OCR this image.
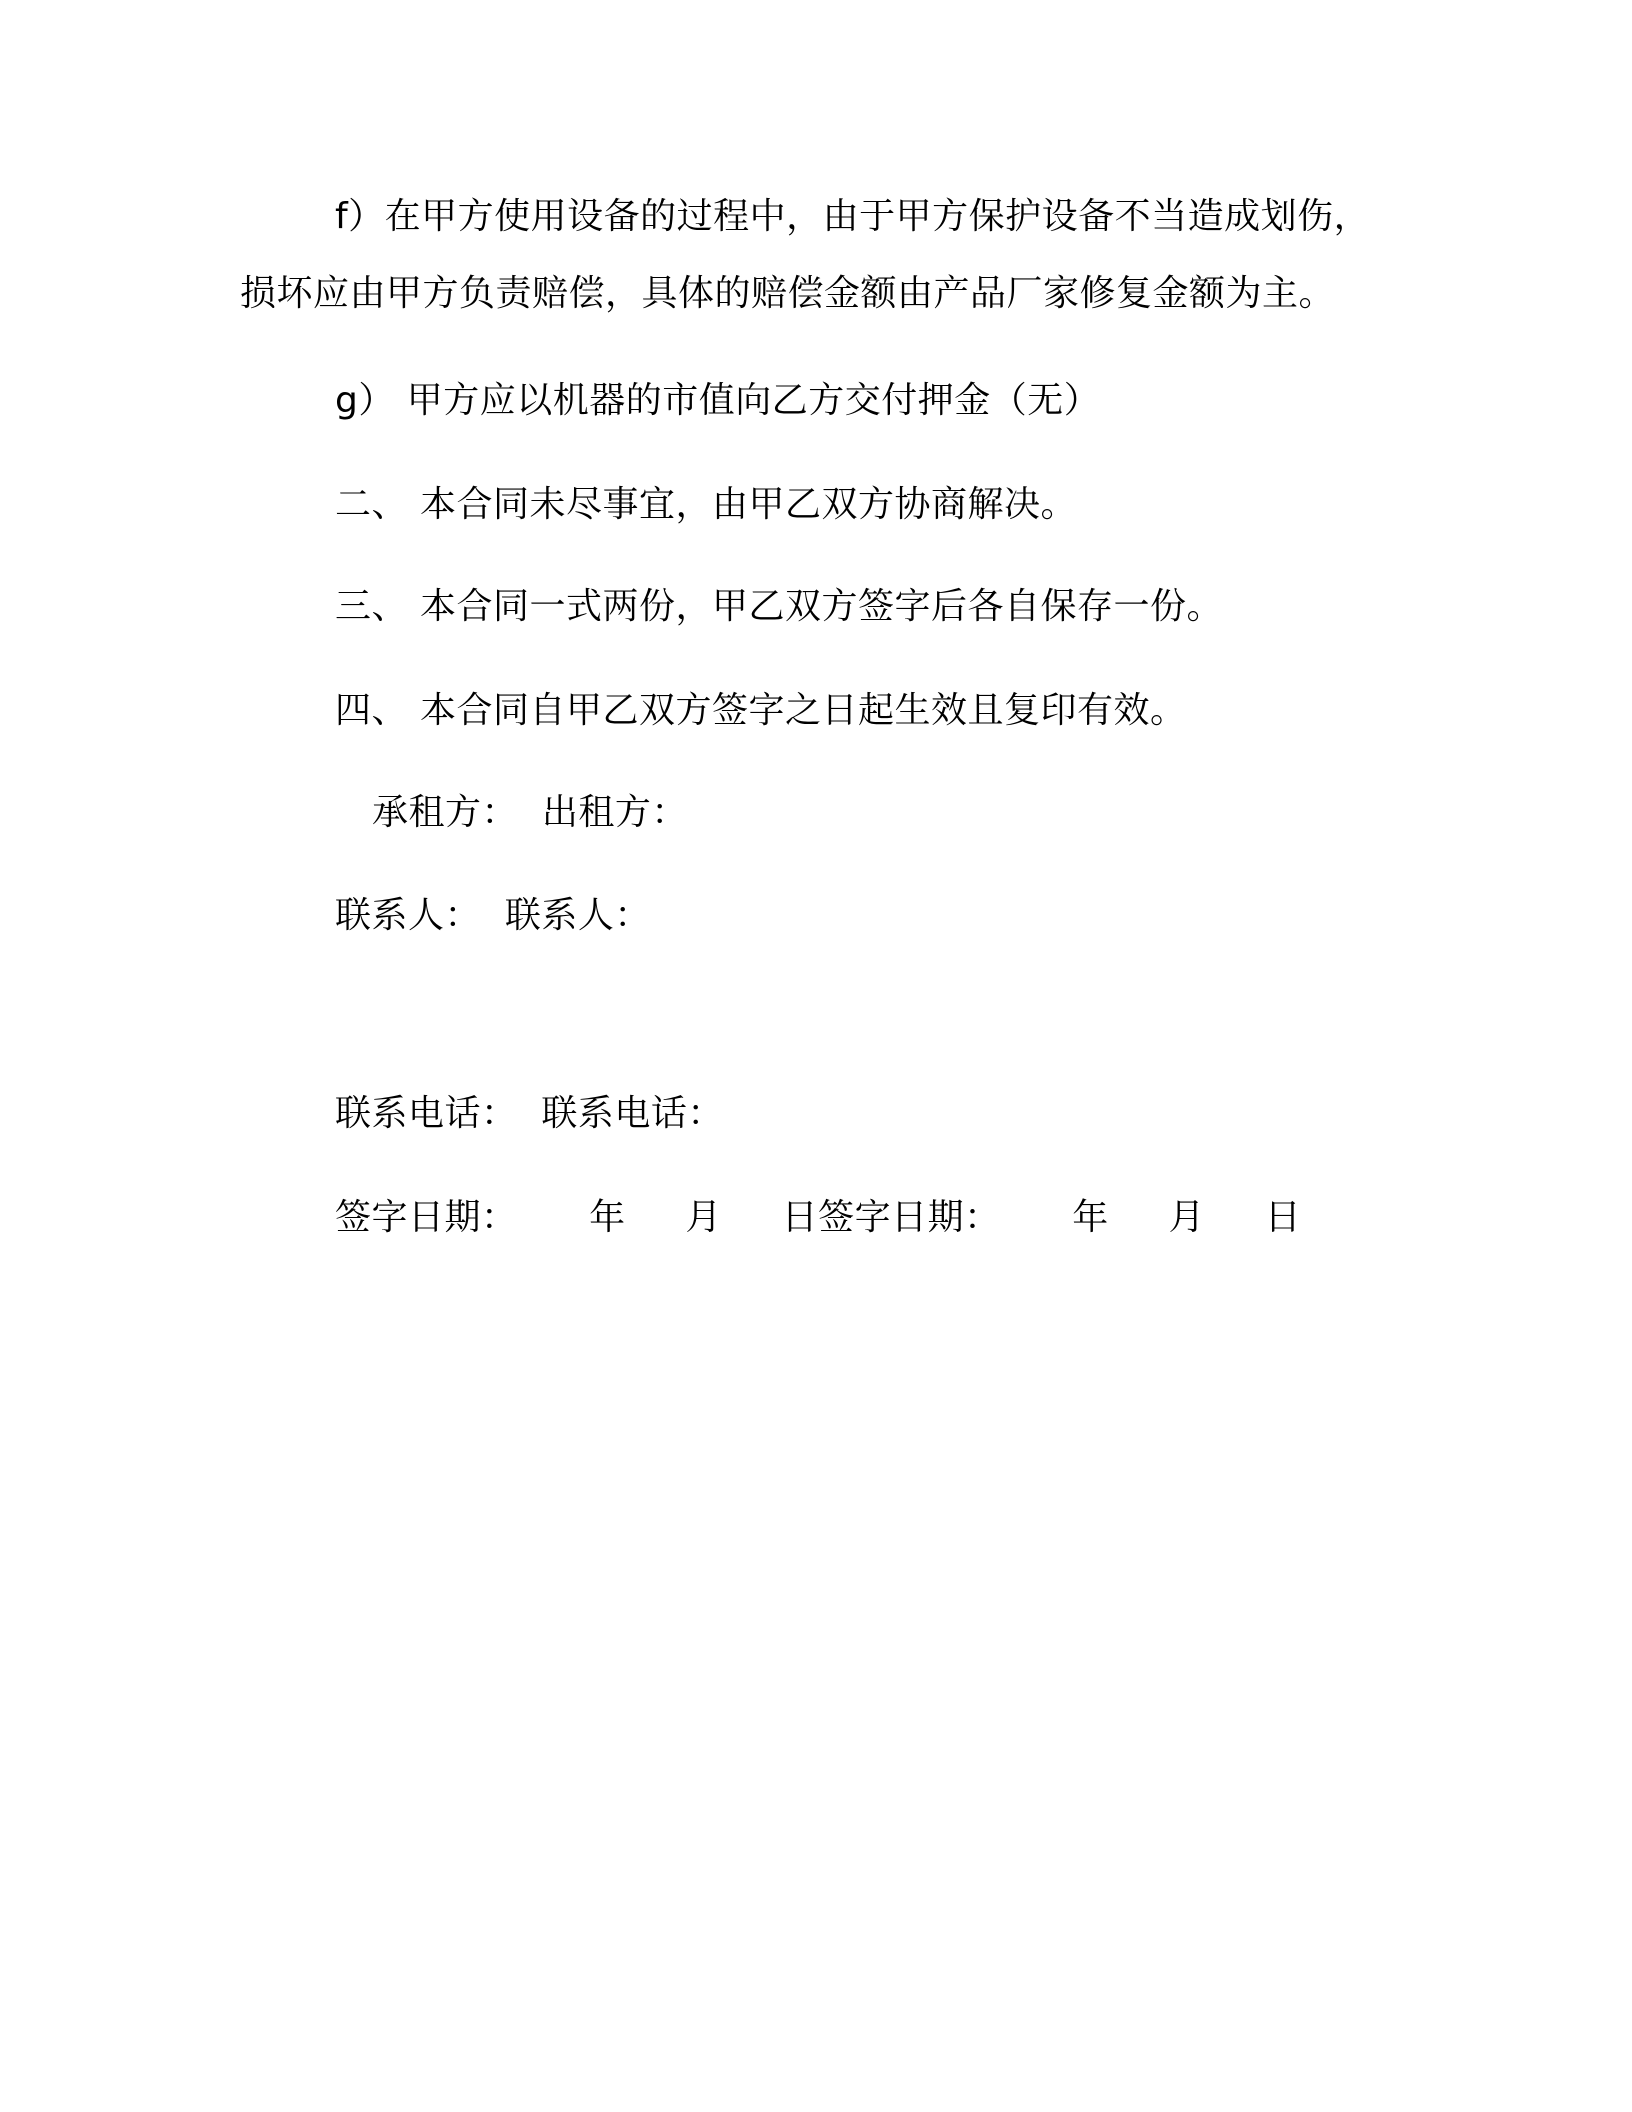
f）在甲方使用设备的过程中，由于甲方保护设备不当造成划伤，
损坏应由甲方负责赔偿，具体的赔偿金额由产品厂家修复金额为主。
g） 甲方应以机器的市值向乙方交付押金（无）
二、 本合同未尽事宜，由甲乙双方协商解决。
三、 本合同一式两份，甲乙双方签字后各自保存一份。
四、 本合同自甲乙双方签字之日起生效且复印有效。
承租方：  出租方：
联系人：  联系人：
联系电话：  联系电话：
签字日期：      年     月     日签字日期：      年     月     日
